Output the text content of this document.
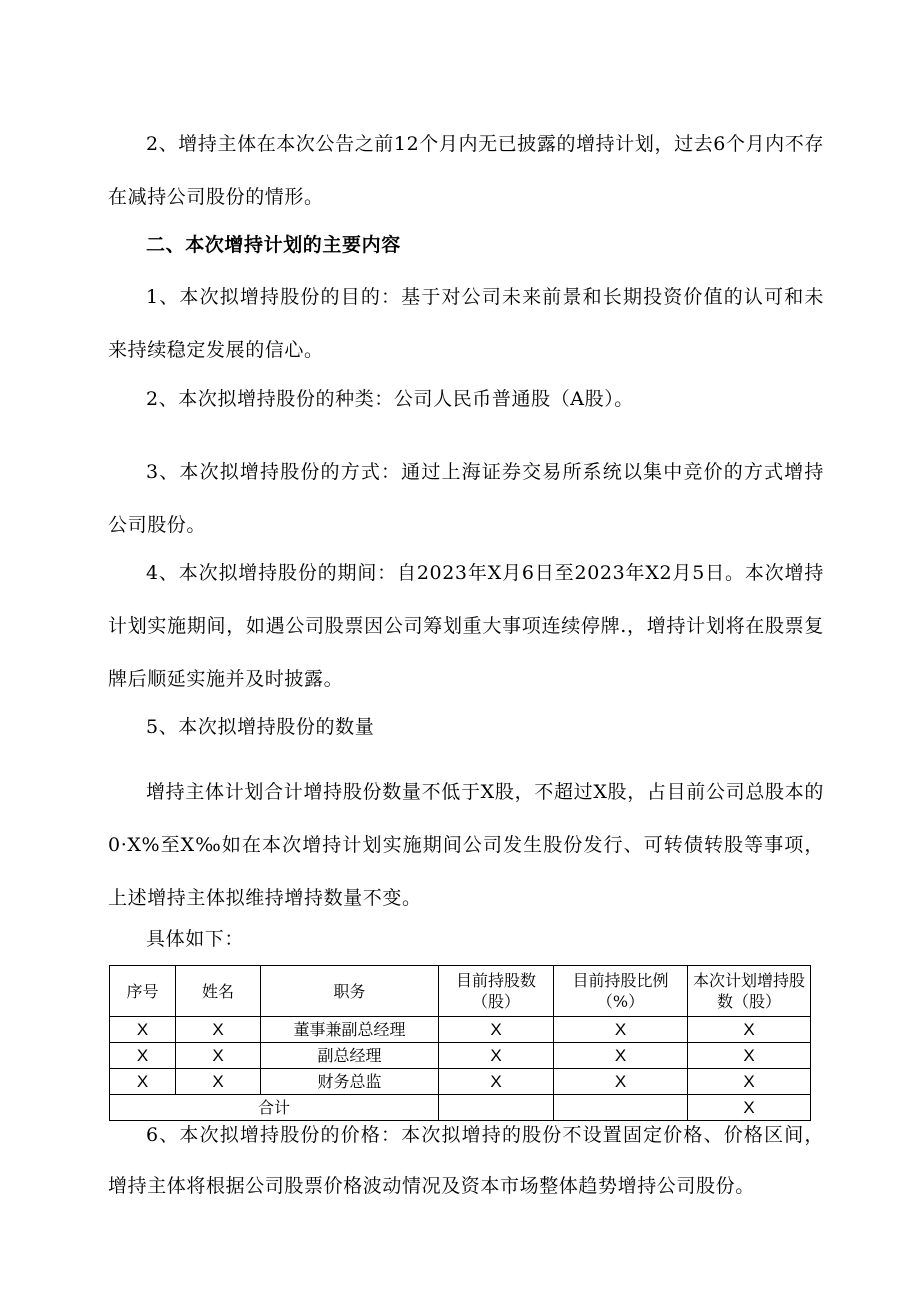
2、增持主体在本次公告之前12个月内无已披露的增持计划，过去6个月内不存在减持公司股份的情形。

二、本次增持计划的主要内容

1、本次拟增持股份的目的：基于对公司未来前景和长期投资价值的认可和未来持续稳定发展的信心。

2、本次拟增持股份的种类：公司人民币普通股（A股）。

3、本次拟增持股份的方式：通过上海证券交易所系统以集中竞价的方式增持公司股份。

4、本次拟增持股份的期间：自2023年X月6日至2023年X2月5日。本次增持计划实施期间，如遇公司股票因公司筹划重大事项连续停牌.，增持计划将在股票复牌后顺延实施并及时披露。

5、本次拟增持股份的数量

增持主体计划合计增持股份数量不低于X股，不超过X股，占目前公司总股本的0·X%至X‰如在本次增持计划实施期间公司发生股份发行、可转债转股等事项，上述增持主体拟维持增持数量不变。

具体如下：

序号	姓名	职务	目前持股数（股）	目前持股比例（%）	本次计划增持股数（股）
X	X	董事兼副总经理	X	X	X
X	X	副总经理	X	X	X
X	X	财务总监	X	X	X
合计					X

6、本次拟增持股份的价格：本次拟增持的股份不设置固定价格、价格区间，增持主体将根据公司股票价格波动情况及资本市场整体趋势增持公司股份。
